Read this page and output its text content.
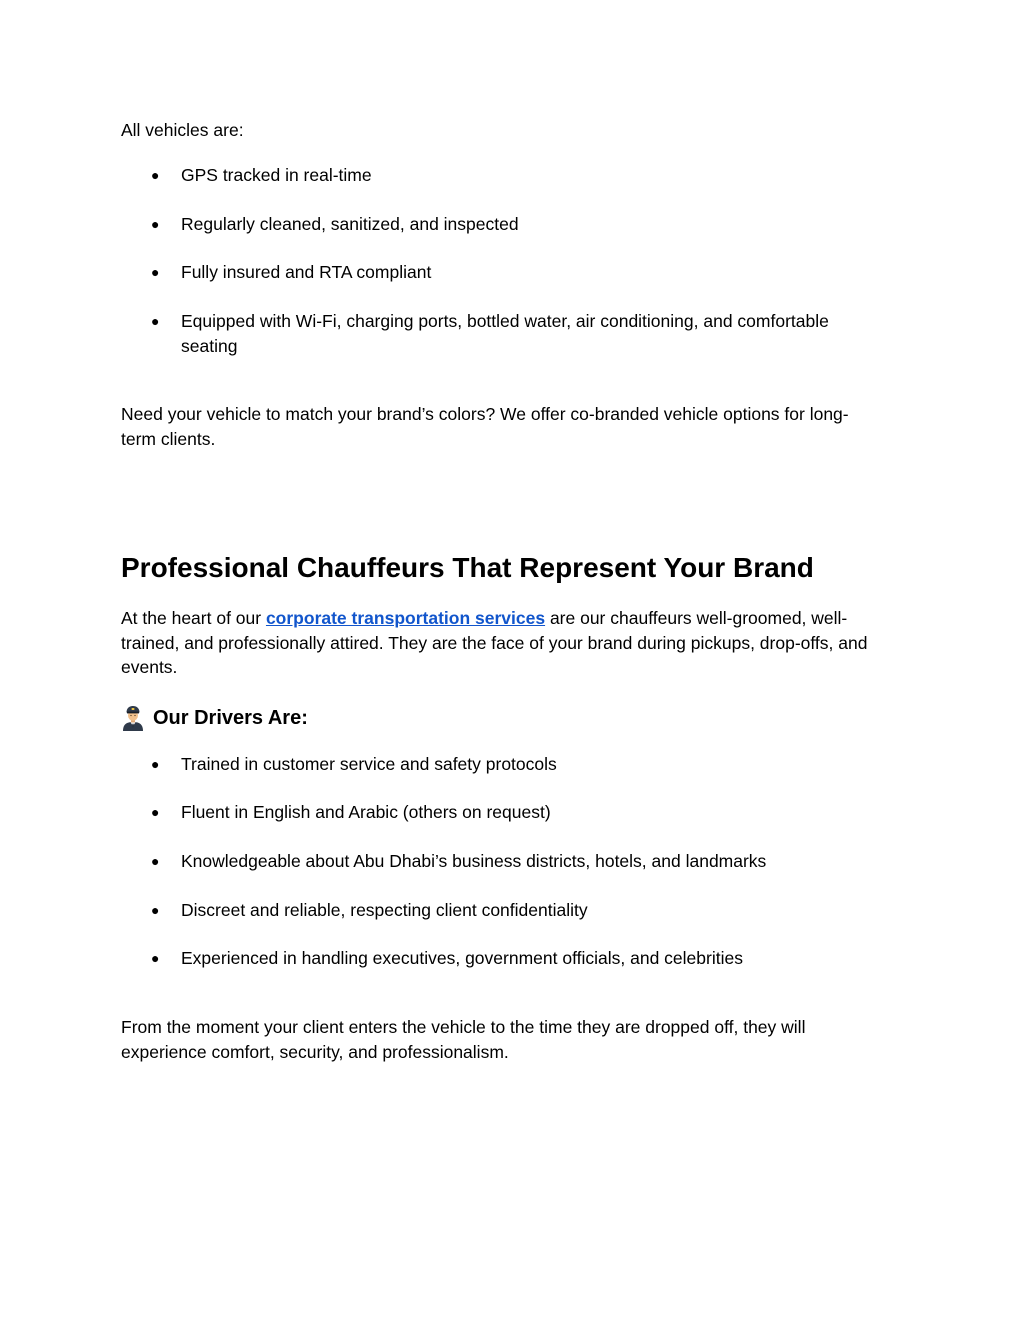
All vehicles are:

●	GPS tracked in real-time
●	Regularly cleaned, sanitized, and inspected
●	Fully insured and RTA compliant
●	Equipped with Wi-Fi, charging ports, bottled water, air conditioning, and comfortable seating

Need your vehicle to match your brand’s colors? We offer co-branded vehicle options for long-term clients.

Professional Chauffeurs That Represent Your Brand

At the heart of our corporate transportation services are our chauffeurs well-groomed, well-trained, and professionally attired. They are the face of your brand during pickups, drop-offs, and events.

Our Drivers Are:
●	Trained in customer service and safety protocols
●	Fluent in English and Arabic (others on request)
●	Knowledgeable about Abu Dhabi’s business districts, hotels, and landmarks
●	Discreet and reliable, respecting client confidentiality
●	Experienced in handling executives, government officials, and celebrities

From the moment your client enters the vehicle to the time they are dropped off, they will experience comfort, security, and professionalism.
